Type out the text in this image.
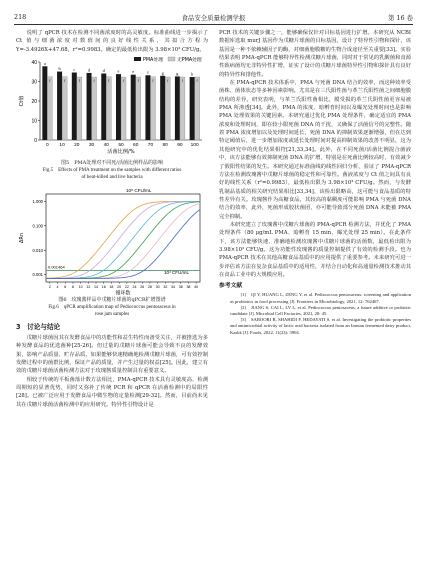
218	食品安全质量检测学报	第 16 卷

说明了 qPCR 技术在检测不同菌浓度时的高灵敏度。标准曲线进一步揭示了 Ct 值与细菌浓度对数值间的良好线性关系，其拟合方程为 Y=-3.4926X+47.68，r²=0.9983。确定的最低检出限为 3.98×10³ CFU/g。

0
10
20
30
40
Ct值
a
f
0
b
f
10
c
f
20
d
f
30
d
f
40
e
f
50
e
f
60
f
f
70
g
f
80
g
f
90
h
f
100
活菌比例/%
PMA处理	无PMA处理
图5　PMA处理对不同死/活菌比例样品的影响
Fig.5　Effects of PMA treatment on the samples with different ratios
of heat-killed and live bacteria
0.001
0.010
0.100
1.000
2 4 6 8 10 12 14 16 18 20 22 24 26 28 30 32 34 36 38 40
循环数
ΔRn
0.001464
10⁸ CFU/mL
10³ CFU/mL
图6　玫瑰酱样品中戊糖片球菌的qPCR扩增图谱
Fig.6　qPCR amplification map of Pediococcus pentosaceus in
rose jam samples
3　讨论与结论

戊糖片球菌因其在发酵食品中的功能性和益生特性而备受关注，并被推选为多种发酵食品的优选菌种[25-26]。但过量的戊糖片球菌可能会导致不良的发酵效果，影响产品质量、贮存品质。如果能够快速精确地检测戊糖片球菌，可有效控制发酵过程中的菌群比例，保证产品的质量，并产生过量的权益[25]。因此，建立有效的戊糖片球菌活菌检测方法对于玫瑰酱质量控制具有重要意义。

相较于传统的平板菌落计数方法相比，PMA-qPCR 技术具有灵敏度高、检测周期短的显著优势，同时又弥补了传统 PCR 和 qPCR 在活菌检测中的局限性[28]。已被广泛应用于发酵食品中微生物的定量检测[29-32]。然而，目前尚未见其在戊糖片球菌活菌检测中的应用研究。特异性引物设计是

PCR 技术的关键步骤之一，能够确保仅针对目标基因进行扩增。本研究从 NCBI 数据库选取 murJ 基因作为戊糖片球菌的目标基因，设计了特异性引物和探针，该基因是一种不依赖辅因子的酶，对细菌胞膜糖的生物合成途径至关重要[33]。实验结果表明 PMA-qPCR 能够特异性检测戊糖片球菌，同时对于常见的乳酸菌和食源性致病菌均无非特异性扩增，证实了设计的戊糖片球菌特异性引物和探针具有良好的特异性和排他性。

在 PMA-qPCR 技术体系中，PMA 与死菌 DNA 结合的效率，而这种效率受菌株、菌体状态等多种因素影响。尤其是在三氏阳性菌与革兰氏阳性菌之间细胞膜结构的差异，研究表明，与革兰氏阳性菌相比，膜受损的革兰氏阴性菌更容易被 PMA 所渗透[34]。此外，PMA 的浓度、暗孵育时间以及曝光处理时间也是影响 PMA 处理效果的关键因素。本研究通过优化 PMA 处理条件，确定适宜的 PMA 浓度和处理时间，即在较小限死菌 DNA 的干扰，又确保了活菌信号的完整性。随着 PMA 浓度增加以及处理时间延长，死菌 DNA 的抑制效果逐渐增强，但在达到特定阈值后，进一步增加浓度或延长处理时间对提高抑制效果的改善不明显，这为其他研究中的优化结果相符[21,33,34]。此外，在不同死菌/活菌比例混合菌液中，该方法能够有效抑制死菌 DNA 的扩增，特别是在死菌比例较高时，有效减少了假阳性结果的发生。本研究通过标准曲线的线性回归分析，验证了 PMA-qPCR 方法在检测玫瑰酱中戊糖片球菌的稳定性和可靠性。菌液浓度与 Ct 值之间具有良好的线性关系（r²=0.9983），最低检出限为 3.98×10³ CFU/g。然而，与发酵乳制品基质的相关研究结果相比[33,34]，该检出限略高，这可能与食品基质的特性差异有关。玫瑰酱作为高糖食品，其较高的黏稠度可能影响 PMA 与死菌 DNA 结合的效率，此外，死菌形成胶状菌团，亦可能导致部分死菌 DNA 未能被 PMA 完全抑制。

本研究建立了玫瑰酱中戊糖片球菌的 PMA-qPCR 检测方法，并优化了 PMA 处理条件（80 μg/mL PMA、暗孵育 15 min、曝光处理 25 min）。在此条件下，该方法能够快速、准确地检测玫瑰酱中戊糖片球菌的活菌数，最低检出限为 3.98×10³ CFU/g。这为功能性玫瑰酱的质量控制提供了有效的检测手段。也为 PMA-qPCR 技术在其他高糖食品基质中的应用提供了重要参考。未来研究可进一步评估该方法在复杂食品基质中的适用性，并结合自动化和高通量检测技术推动其在食品工业中的大规模应用。

参考文献

[1]　QI Y, HUANG L, ZENG Y, et al. Pediococcus pentosaceus: screening and application as probiotics in food processing [J]. Frontiers in Microbiology, 2021, 12: 762467.

[2]　JIANG S, CAI L, LV L, et al. Pediococcus pentosaceus, a future additive or probiotic candidate [J]. Microbial Cell Factories, 2021, 20: 45.

[3]　SABOORI B, SHAHIDI F, HEDAYATI S, et al. Investigating the probiotic properties and antimicrobial activity of lactic acid bacteria isolated from an Iranian fermented dairy product, Kashk [J]. Foods, 2022, 11(23): 3904.
